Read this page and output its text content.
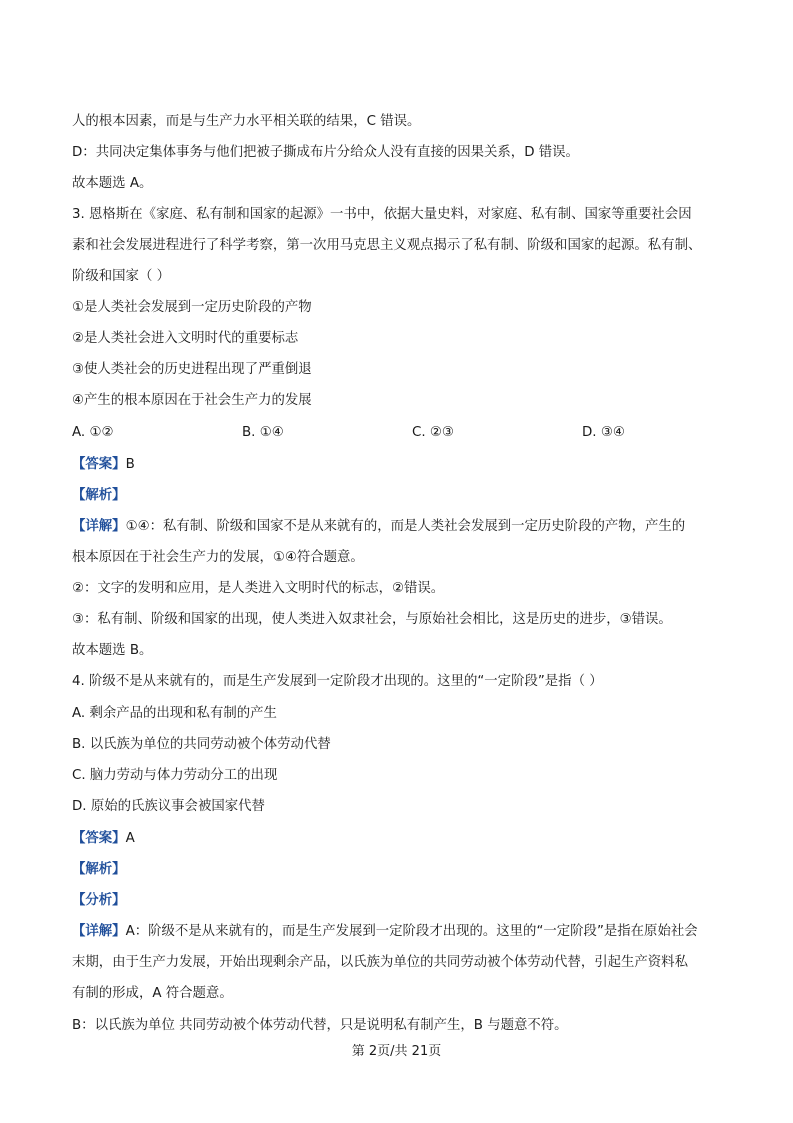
人的根本因素，而是与生产力水平相关联的结果，C 错误。
D：共同决定集体事务与他们把被子撕成布片分给众人没有直接的因果关系，D 错误。
故本题选 A。
3. 恩格斯在《家庭、私有制和国家的起源》一书中，依据大量史料，对家庭、私有制、国家等重要社会因
素和社会发展进程进行了科学考察，第一次用马克思主义观点揭示了私有制、阶级和国家的起源。私有制、
阶级和国家（ ）
①是人类社会发展到一定历史阶段的产物
②是人类社会进入文明时代的重要标志
③使人类社会的历史进程出现了严重倒退
④产生的根本原因在于社会生产力的发展
A. ①②	B. ①④	C. ②③	D. ③④
【答案】B
【解析】
【详解】①④：私有制、阶级和国家不是从来就有的，而是人类社会发展到一定历史阶段的产物，产生的
根本原因在于社会生产力的发展，①④符合题意。
②：文字的发明和应用，是人类进入文明时代的标志，②错误。
③：私有制、阶级和国家的出现，使人类进入奴隶社会，与原始社会相比，这是历史的进步，③错误。
故本题选 B。
4. 阶级不是从来就有的，而是生产发展到一定阶段才出现的。这里的“一定阶段”是指（ ）
A. 剩余产品的出现和私有制的产生
B. 以氏族为单位的共同劳动被个体劳动代替
C. 脑力劳动与体力劳动分工的出现
D. 原始的氏族议事会被国家代替
【答案】A
【解析】
【分析】
【详解】A：阶级不是从来就有的，而是生产发展到一定阶段才出现的。这里的“一定阶段”是指在原始社会
末期，由于生产力发展，开始出现剩余产品，以氏族为单位的共同劳动被个体劳动代替，引起生产资料私
有制的形成，A 符合题意。
B：以氏族为单位 共同劳动被个体劳动代替，只是说明私有制产生，B 与题意不符。
第 2页/共 21页
